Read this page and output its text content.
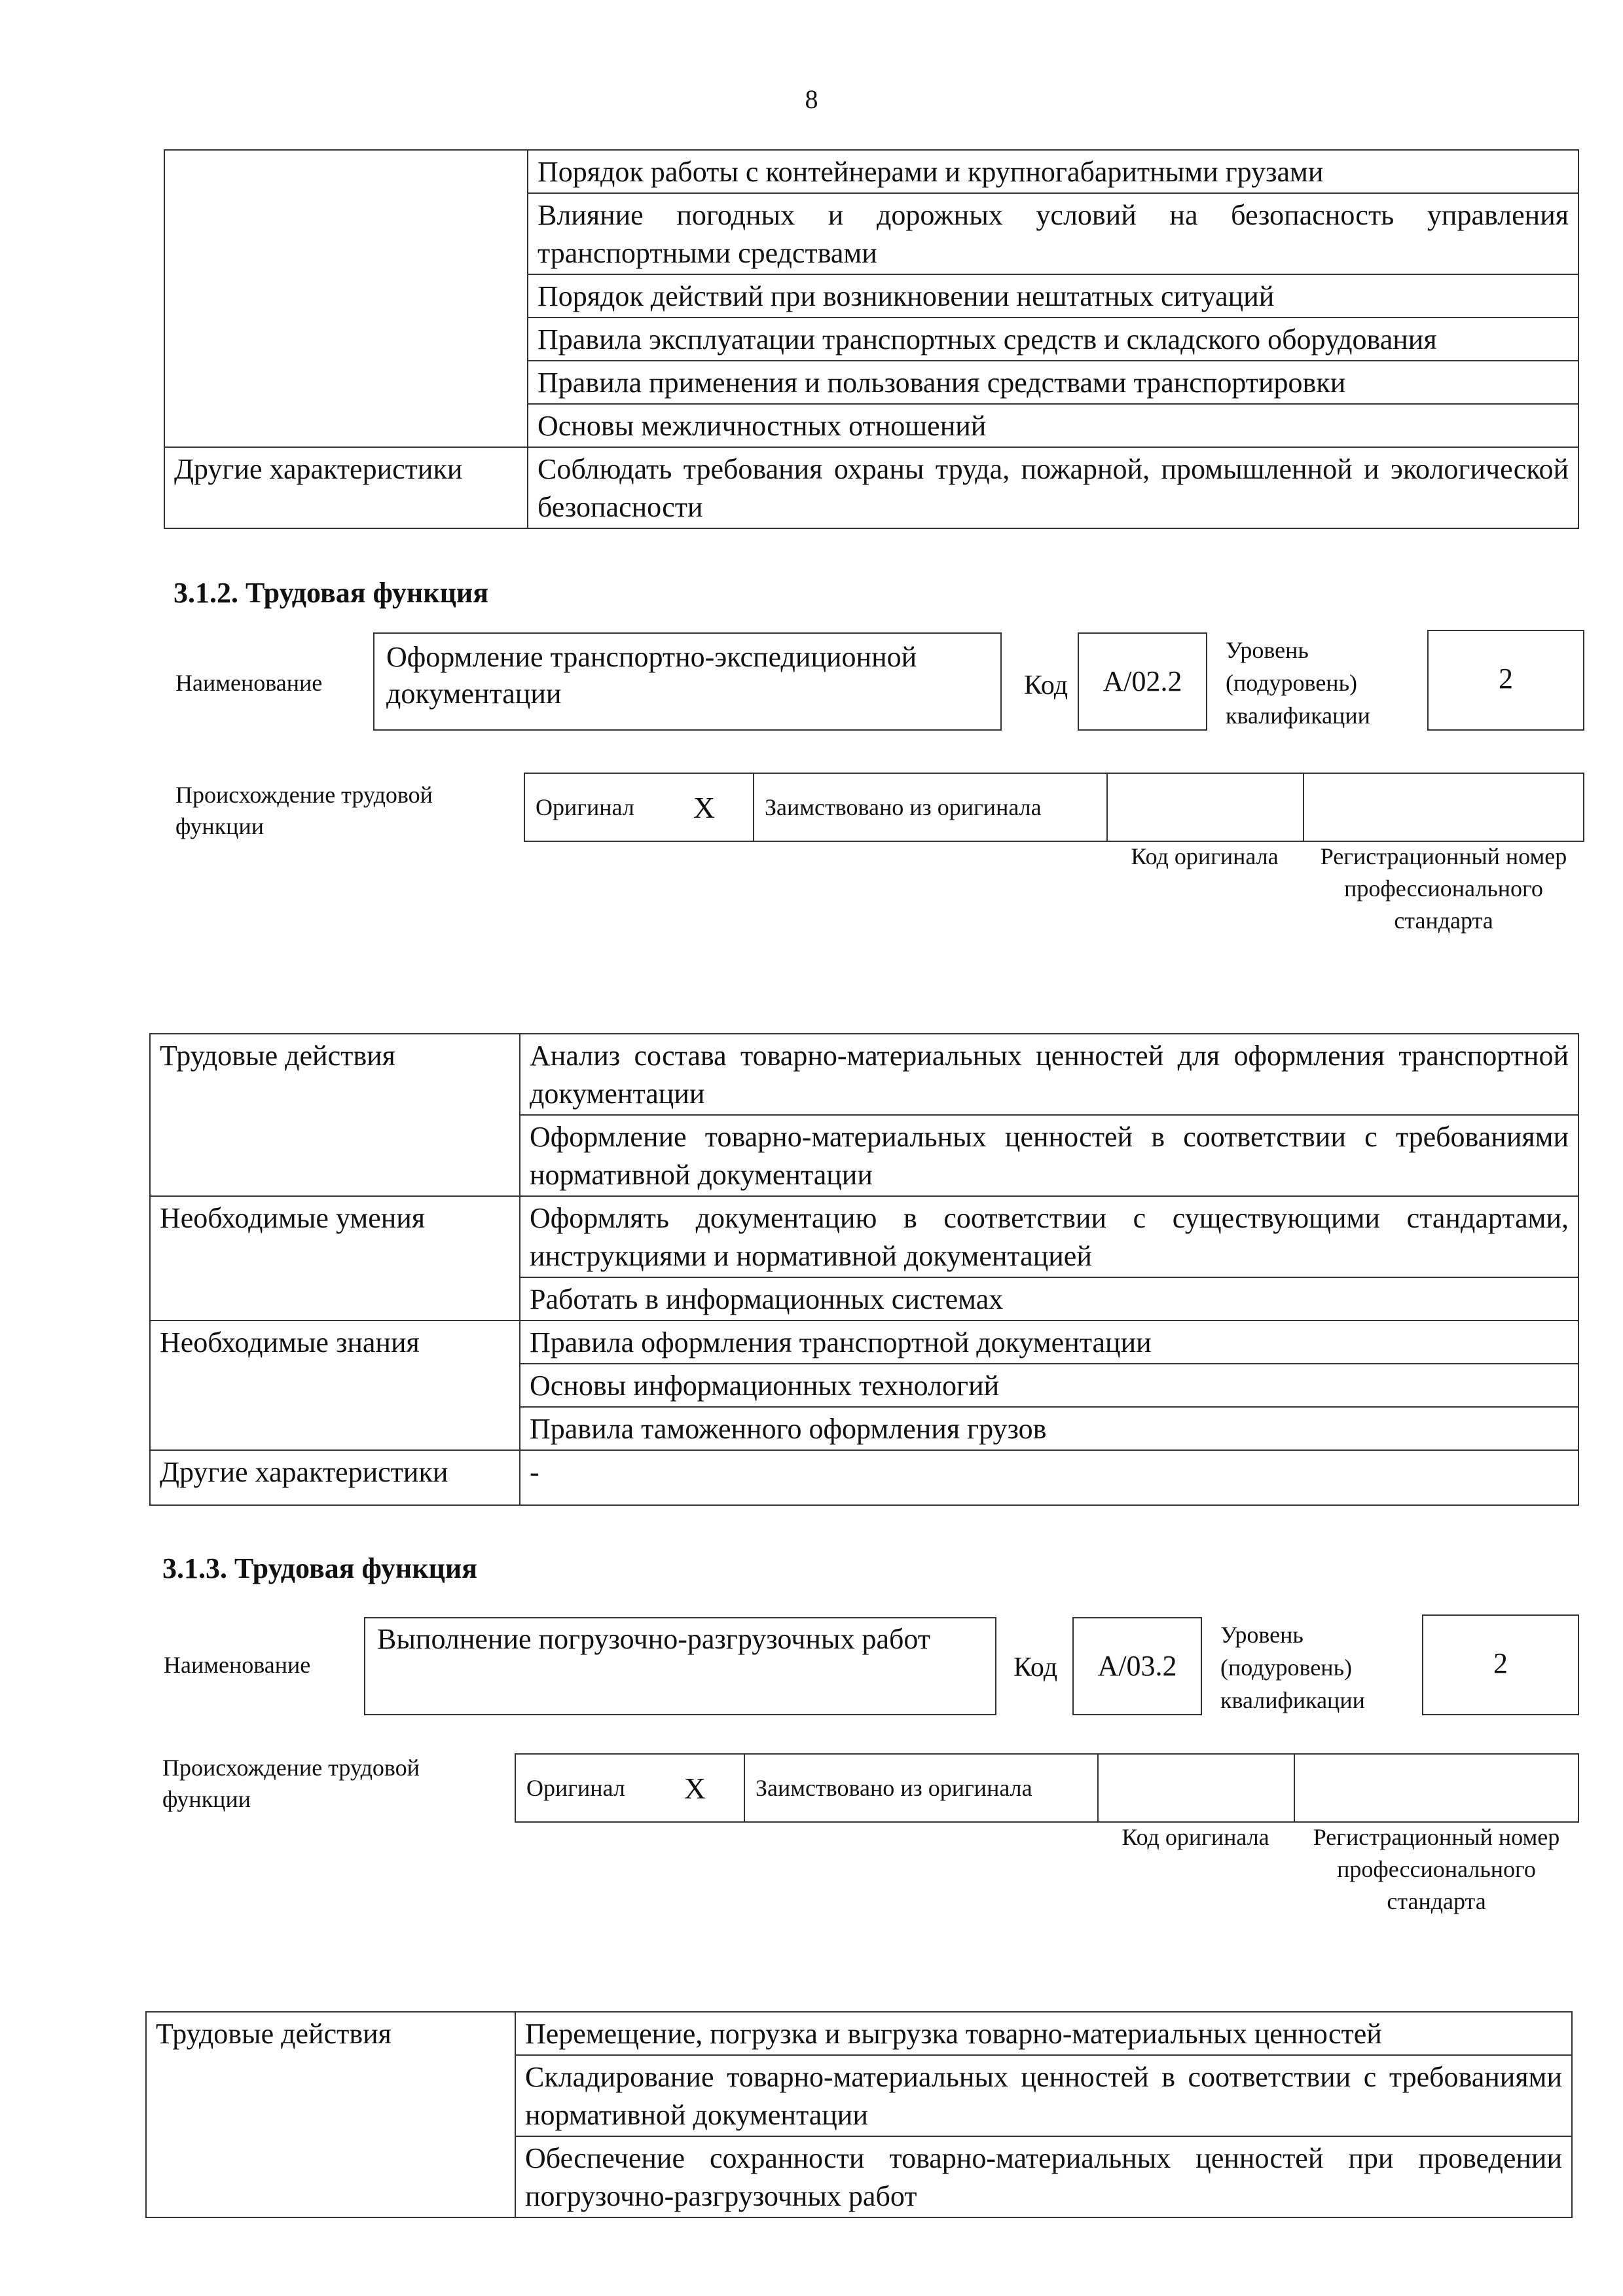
8
	Порядок работы с контейнерами и крупногабаритными грузами
	Влияние погодных и дорожных условий на безопасность управления транспортными средствами
	Порядок действий при возникновении нештатных ситуаций
	Правила эксплуатации транспортных средств и складского оборудования
	Правила применения и пользования средствами транспортировки
	Основы межличностных отношений
Другие характеристики	Соблюдать требования охраны труда, пожарной, промышленной и экологической безопасности
3.1.2. Трудовая функция
Наименование
Оформление транспортно-экспедиционной документации	Код	А/02.2
Уровень (подуровень) квалификации
2
Происхождение трудовой функции
Оригинал	X	Заимствовано из оригинала		
Код оригинала	Регистрационный номер профессионального стандарта
Трудовые действия	Анализ состава товарно-материальных ценностей для оформления транспортной документации
	Оформление товарно-материальных ценностей в соответствии с требованиями нормативной документации
Необходимые умения	Оформлять документацию в соответствии с существующими стандартами, инструкциями и нормативной документацией
	Работать в информационных системах
Необходимые знания	Правила оформления транспортной документации
	Основы информационных технологий
	Правила таможенного оформления грузов
Другие характеристики	-
3.1.3. Трудовая функция
Наименование
Выполнение погрузочно-разгрузочных работ
Код	А/03.2
Уровень (подуровень) квалификации
2
Происхождение трудовой функции	Оригинал	X	Заимствовано из оригинала		
Код оригинала	Регистрационный номер профессионального стандарта
Трудовые действия	Перемещение, погрузка и выгрузка товарно-материальных ценностей
Складирование товарно-материальных ценностей в соответствии с требованиями нормативной документации
Обеспечение сохранности товарно-материальных ценностей при проведении погрузочно-разгрузочных работ
